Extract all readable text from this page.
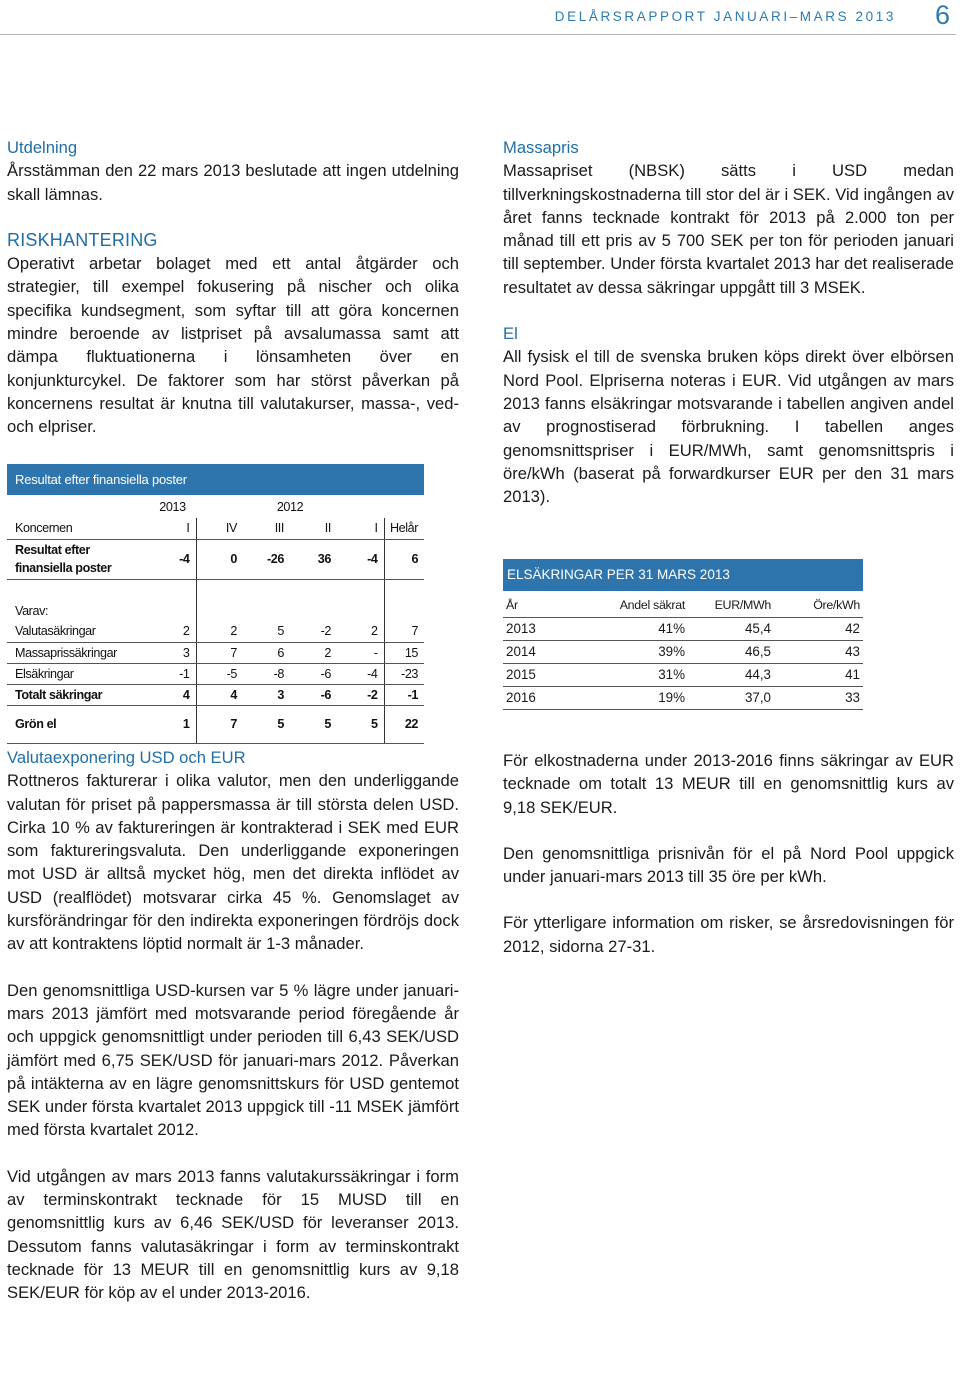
DELÅRSRAPPORT JANUARI–MARS 2013 6
Utdelning

Årsstämman den 22 mars 2013 beslutade att ingen utdelning skall lämnas.

RISKHANTERING

Operativt arbetar bolaget med ett antal åtgärder och strategier, till exempel fokusering på nischer och olika specifika kundsegment, som syftar till att göra koncernen mindre beroende av listpriset på avsalumassa samt att dämpa fluktuationerna i lönsamheten över en konjunkturcykel. De faktorer som har störst påverkan på koncernens resultat är knutna till valutakurser, massa-, ved- och elpriser.

Resultat efter finansiella poster
	2013	2012				
Koncernen	I	IV	III	II	I	Helår
Resultat efter
finansiella poster	-4	0	-26	36	-4	6

Varav:						
Valutasäkringar	2	2	5	-2	2	7
Massaprissäkringar	3	7	6	2	-	15
Elsäkringar	-1	-5	-8	-6	-4	-23
Totalt säkringar	4	4	3	-6	-2	-1
Grön el	1	7	5	5	5	22
Massapris

Massapriset (NBSK) sätts i USD medan tillverkningskostnaderna till stor del är i SEK. Vid ingången av året fanns tecknade kontrakt för 2013 på 2.000 ton per månad till ett pris av 5 700 SEK per ton för perioden januari till september. Under första kvartalet 2013 har det realiserade resultatet av dessa säkringar uppgått till 3 MSEK.

El

All fysisk el till de svenska bruken köps direkt över elbörsen Nord Pool. Elpriserna noteras i EUR. Vid utgången av mars 2013 fanns elsäkringar motsvarande i tabellen angiven andel av prognostiserad förbrukning. I tabellen anges genomsnittspriser i EUR/MWh, samt genomsnittspris i öre/kWh (baserat på forwardkurser EUR per den 31 mars 2013).

ELSÄKRINGAR PER 31 MARS 2013
År	Andel säkrat	EUR/MWh	Öre/kWh
2013	41%	45,4	42
2014	39%	46,5	43
2015	31%	44,3	41
2016	19%	37,0	33
Valutaexponering USD och EUR

Rottneros fakturerar i olika valutor, men den underliggande valutan för priset på pappersmassa är till största delen USD. Cirka 10 % av faktureringen är kontrakterad i SEK med EUR som faktureringsvaluta. Den underliggande exponeringen mot USD är alltså mycket hög, men det direkta inflödet av USD (realflödet) motsvarar cirka 45 %. Genomslaget av kursförändringar för den indirekta exponeringen fördröjs dock av att kontraktens löptid normalt är 1-3 månader.

Den genomsnittliga USD-kursen var 5 % lägre under januari-mars 2013 jämfört med motsvarande period föregående år och uppgick genomsnittligt under perioden till 6,43 SEK/USD jämfört med 6,75 SEK/USD för januari-mars 2012. Påverkan på intäkterna av en lägre genomsnittskurs för USD gentemot SEK under första kvartalet 2013 uppgick till -11 MSEK jämfört med första kvartalet 2012.

Vid utgången av mars 2013 fanns valutakurssäkringar i form av terminskontrakt tecknade för 15 MUSD till en genomsnittlig kurs av 6,46 SEK/USD för leveranser 2013. Dessutom fanns valutasäkringar i form av terminskontrakt tecknade för 13 MEUR till en genomsnittlig kurs av 9,18 SEK/EUR för köp av el under 2013-2016.

För elkostnaderna under 2013-2016 finns säkringar av EUR tecknade om totalt 13 MEUR till en genomsnittlig kurs av 9,18 SEK/EUR.

Den genomsnittliga prisnivån för el på Nord Pool uppgick under januari-mars 2013 till 35 öre per kWh.

För ytterligare information om risker, se årsredovisningen för 2012, sidorna 27-31.
